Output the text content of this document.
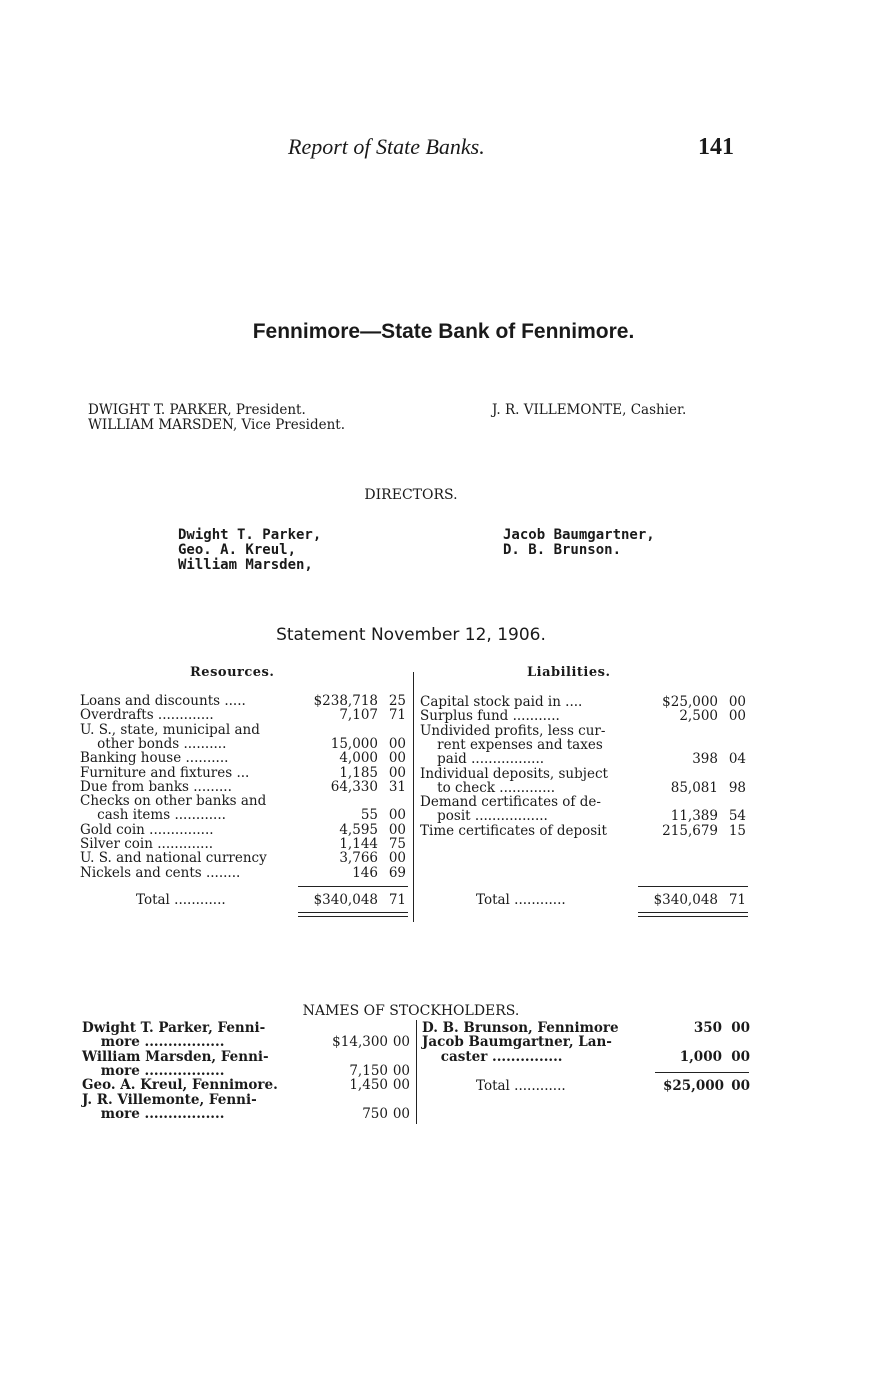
Report of State Banks.	141
Fennimore—State Bank of Fennimore.
DWIGHT T. PARKER, President.
WILLIAM MARSDEN, Vice President.
J. R. VILLEMONTE, Cashier.
DIRECTORS.
Dwight T. Parker,
Geo. A. Kreul,
William Marsden,
Jacob Baumgartner,
D. B. Brunson.
Statement November 12, 1906.
Resources.	Liabilities.
Loans and discounts .....	$238,718 25
Overdrafts .............	7,107 71
U. S., state, municipal and
other bonds ..........	15,000 00
Banking house ..........	4,000 00
Furniture and fixtures ...	1,185 00
Due from banks .........	64,330 31
Checks on other banks and
cash items ............	55 00
Gold coin ...............	4,595 00
Silver coin .............	1,144 75
U. S. and national currency	3,766 00
Nickels and cents ........	146 69
Capital stock paid in ....	$25,000 00
Surplus fund ...........	2,500 00
Undivided profits, less cur-
rent expenses and taxes
paid .................	398 04
Individual deposits, subject
to check .............	85,081 98
Demand certificates of de-
posit .................	11,389 54
Time certificates of deposit	215,679 15
Total ............	$340,048 71	Total ............	$340,048 71
NAMES OF STOCKHOLDERS.
Dwight T. Parker, Fenni-
more .................	$14,300 00
William Marsden, Fenni-
more .................	7,150 00
Geo. A. Kreul, Fennimore.	1,450 00
J. R. Villemonte, Fenni-
more .................	750 00
D. B. Brunson, Fennimore	350 00
Jacob Baumgartner, Lan-
caster ...............	1,000 00
Total ............	$25,000 00
